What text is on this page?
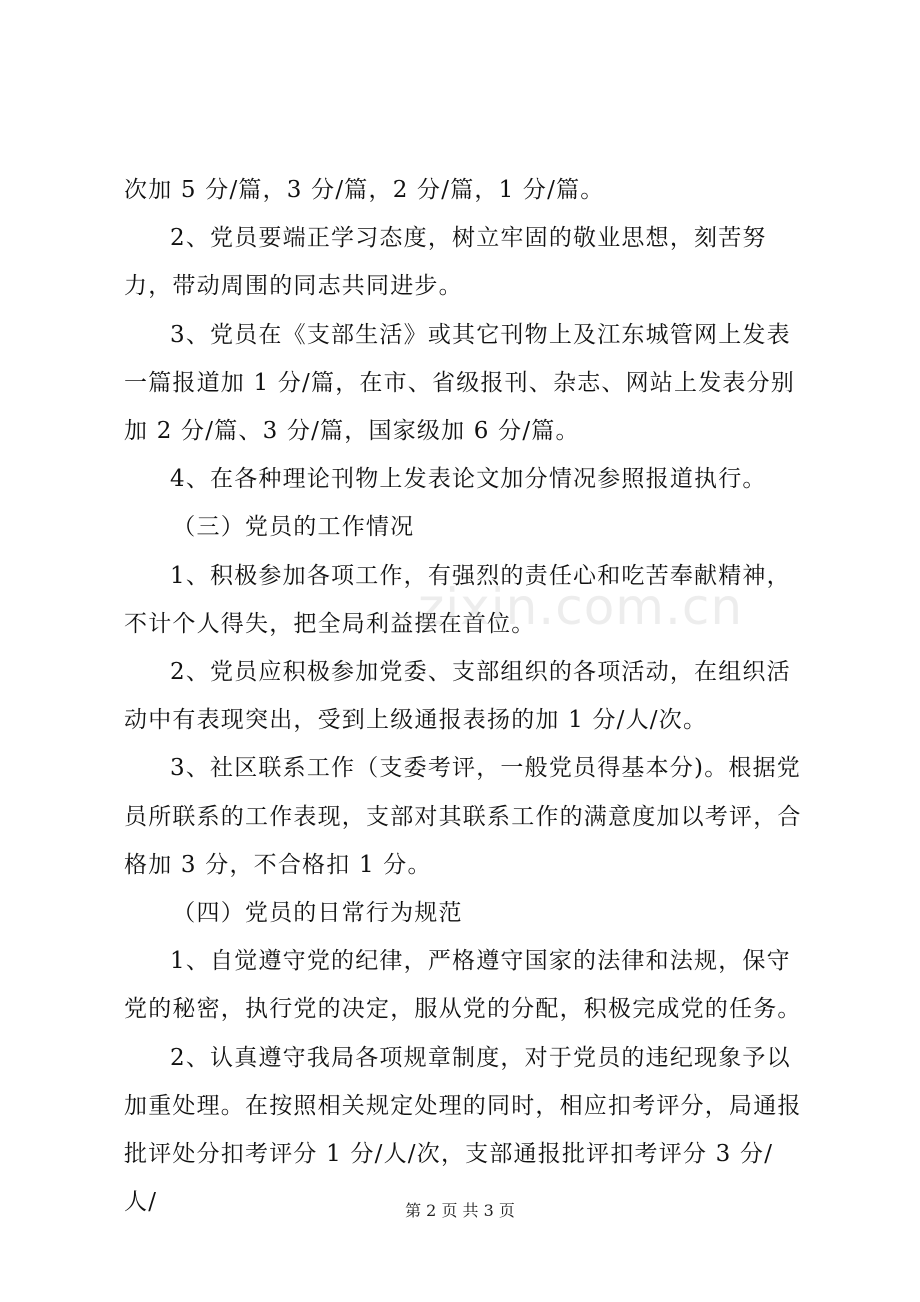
次加 5 分/篇，3 分/篇，2 分/篇，1 分/篇。

2、党员要端正学习态度，树立牢固的敬业思想，刻苦努力，带动周围的同志共同进步。

3、党员在《支部生活》或其它刊物上及江东城管网上发表一篇报道加 1 分/篇，在市、省级报刊、杂志、网站上发表分别加 2 分/篇、3 分/篇，国家级加 6 分/篇。

4、在各种理论刊物上发表论文加分情况参照报道执行。

（三）党员的工作情况

1、积极参加各项工作，有强烈的责任心和吃苦奉献精神，不计个人得失，把全局利益摆在首位。

2、党员应积极参加党委、支部组织的各项活动，在组织活动中有表现突出，受到上级通报表扬的加 1 分/人/次。

3、社区联系工作（支委考评，一般党员得基本分)。根据党员所联系的工作表现，支部对其联系工作的满意度加以考评，合格加 3 分，不合格扣 1 分。

（四）党员的日常行为规范

1、自觉遵守党的纪律，严格遵守国家的法律和法规，保守党的秘密，执行党的决定，服从党的分配，积极完成党的任务。

2、认真遵守我局各项规章制度，对于党员的违纪现象予以加重处理。在按照相关规定处理的同时，相应扣考评分，局通报批评处分扣考评分 1 分/人/次，支部通报批评扣考评分 3 分/人/

zixin.com.cn
第 2 页 共 3 页
